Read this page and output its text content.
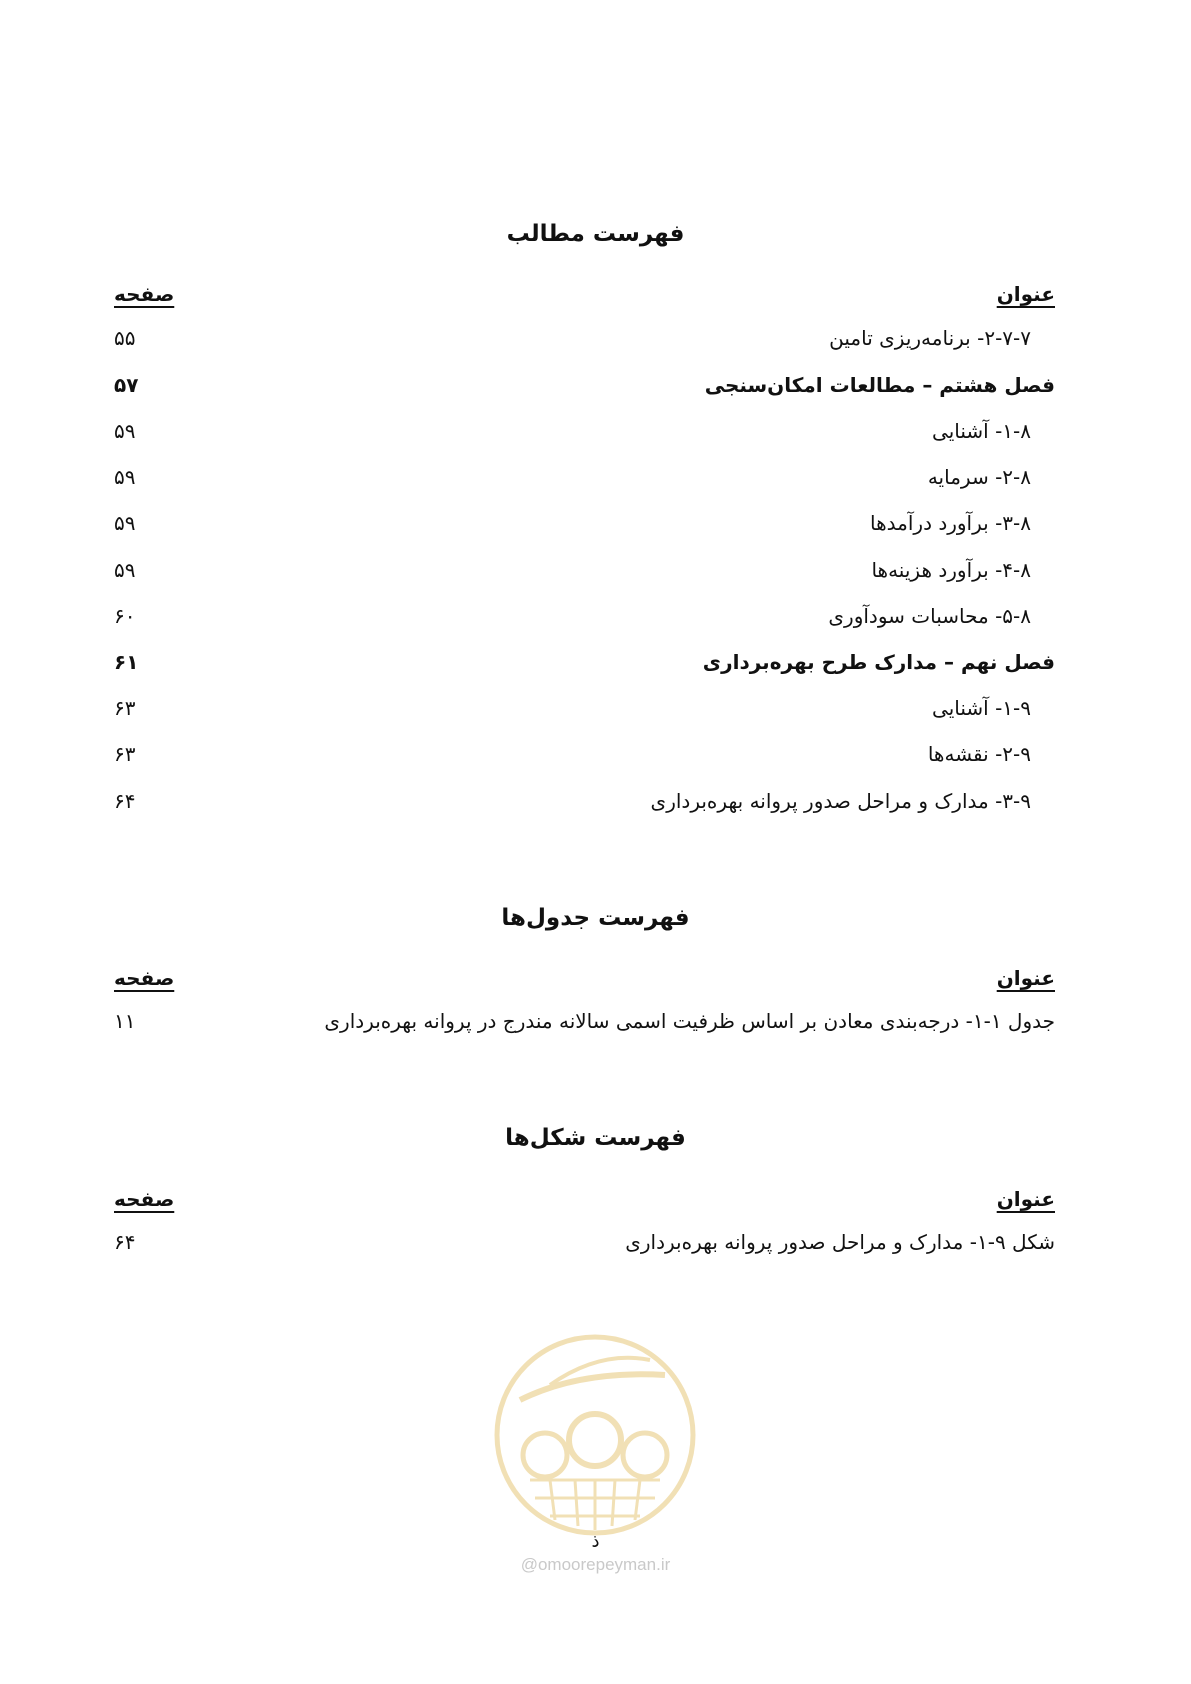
فهرست مطالب
عنوان
صفحه
۲-۷-۷- برنامه‌ریزی تامین
۵۵
فصل هشتم – مطالعات امکان‌سنجی
۵۷
۱-۸- آشنایی
۵۹
۲-۸- سرمایه
۵۹
۳-۸- برآورد درآمدها
۵۹
۴-۸- برآورد هزینه‌ها
۵۹
۵-۸- محاسبات سودآوری
۶۰
فصل نهم – مدارک طرح بهره‌برداری
۶۱
۱-۹- آشنایی
۶۳
۲-۹- نقشه‌ها
۶۳
۳-۹- مدارک و مراحل صدور پروانه بهره‌برداری
۶۴
فهرست جدول‌ها
عنوان
صفحه
جدول ۱-۱- درجه‌بندی معادن بر اساس ظرفیت اسمی سالانه مندرج در پروانه بهره‌برداری
۱۱
فهرست شکل‌ها
عنوان
صفحه
شکل ۹-۱- مدارک و مراحل صدور پروانه بهره‌برداری
۶۴
ذ
@omoorepeyman.ir
